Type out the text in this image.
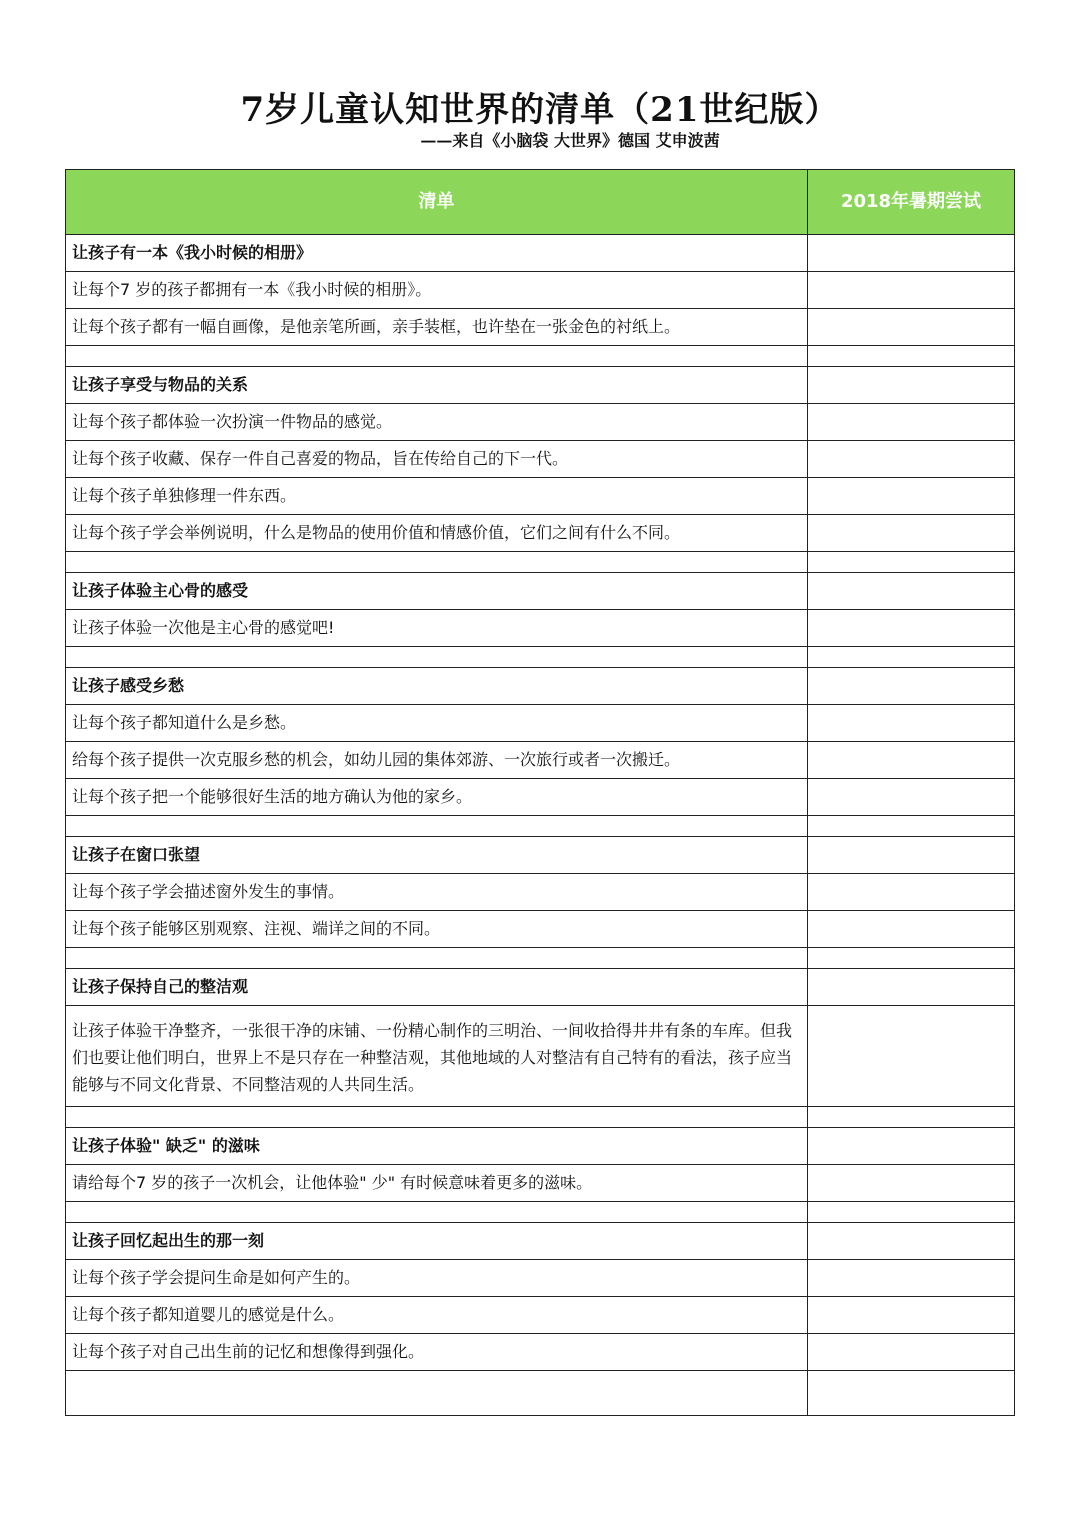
7岁儿童认知世界的清单（21世纪版）
——来自《小脑袋 大世界》德国 艾申波茜
清单	2018年暑期尝试
让孩子有一本《我小时候的相册》	
让每个7 岁的孩子都拥有一本《我小时候的相册》。	
让每个孩子都有一幅自画像，是他亲笔所画，亲手装框，也许垫在一张金色的衬纸上。	

让孩子享受与物品的关系	
让每个孩子都体验一次扮演一件物品的感觉。	
让每个孩子收藏、保存一件自己喜爱的物品，旨在传给自己的下一代。	
让每个孩子单独修理一件东西。	
让每个孩子学会举例说明，什么是物品的使用价值和情感价值，它们之间有什么不同。	

让孩子体验主心骨的感受	
让孩子体验一次他是主心骨的感觉吧!	

让孩子感受乡愁	
让每个孩子都知道什么是乡愁。	
给每个孩子提供一次克服乡愁的机会，如幼儿园的集体郊游、一次旅行或者一次搬迁。	
让每个孩子把一个能够很好生活的地方确认为他的家乡。	

让孩子在窗口张望	
让每个孩子学会描述窗外发生的事情。	
让每个孩子能够区别观察、注视、端详之间的不同。	

让孩子保持自己的整洁观	
让孩子体验干净整齐，一张很干净的床铺、一份精心制作的三明治、一间收拾得井井有条的车库。但我们也要让他们明白，世界上不是只存在一种整洁观，其他地域的人对整洁有自己特有的看法，孩子应当能够与不同文化背景、不同整洁观的人共同生活。	

让孩子体验" 缺乏" 的滋味	
请给每个7 岁的孩子一次机会，让他体验" 少" 有时候意味着更多的滋味。	

让孩子回忆起出生的那一刻	
让每个孩子学会提问生命是如何产生的。	
让每个孩子都知道婴儿的感觉是什么。	
让每个孩子对自己出生前的记忆和想像得到强化。	
